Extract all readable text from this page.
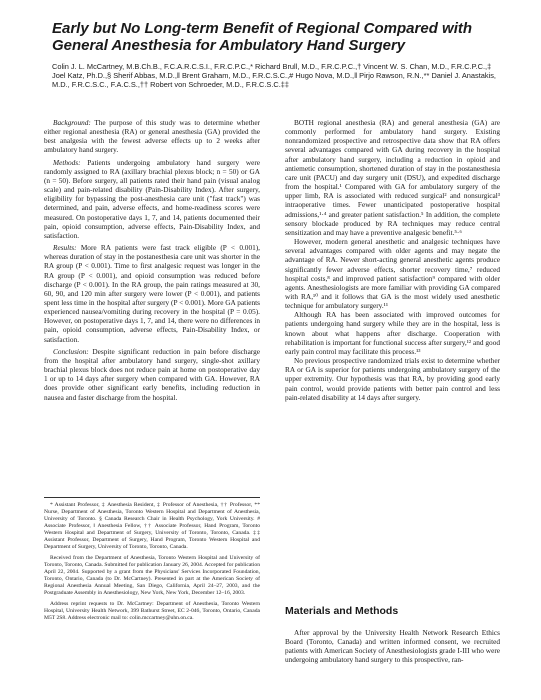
Early but No Long-term Benefit of Regional Compared with General Anesthesia for Ambulatory Hand Surgery

Colin J. L. McCartney, M.B.Ch.B., F.C.A.R.C.S.I., F.R.C.P.C.,* Richard Brull, M.D., F.R.C.P.C.,† Vincent W. S. Chan, M.D., F.R.C.P.C.,‡ Joel Katz, Ph.D.,§ Sherif Abbas, M.D.,‖ Brent Graham, M.D., F.R.C.S.C.,# Hugo Nova, M.D.,‖ Pirjo Rawson, R.N.,** Daniel J. Anastakis, M.D., F.R.C.S.C., F.A.C.S.,†† Robert von Schroeder, M.D., F.R.C.S.C.‡‡

Background: The purpose of this study was to determine whether either regional anesthesia (RA) or general anesthesia (GA) provided the best analgesia with the fewest adverse effects up to 2 weeks after ambulatory hand surgery.

Methods: Patients undergoing ambulatory hand surgery were randomly assigned to RA (axillary brachial plexus block; n = 50) or GA (n = 50). Before surgery, all patients rated their hand pain (visual analog scale) and pain-related disability (Pain-Disability Index). After surgery, eligibility for bypassing the post-anesthesia care unit ("fast track") was determined, and pain, adverse effects, and home-readiness scores were measured. On postoperative days 1, 7, and 14, patients documented their pain, opioid consumption, adverse effects, Pain-Disability Index, and satisfaction.

Results: More RA patients were fast track eligible (P < 0.001), whereas duration of stay in the postanesthesia care unit was shorter in the RA group (P < 0.001). Time to first analgesic request was longer in the RA group (P < 0.001), and opioid consumption was reduced before discharge (P < 0.001). In the RA group, the pain ratings measured at 30, 60, 90, and 120 min after surgery were lower (P < 0.001), and patients spent less time in the hospital after surgery (P < 0.001). More GA patients experienced nausea/vomiting during recovery in the hospital (P = 0.05). However, on postoperative days 1, 7, and 14, there were no differences in pain, opioid consumption, adverse effects, Pain-Disability Index, or satisfaction.

Conclusion: Despite significant reduction in pain before discharge from the hospital after ambulatory hand surgery, single-shot axillary brachial plexus block does not reduce pain at home on postoperative day 1 or up to 14 days after surgery when compared with GA. However, RA does provide other significant early benefits, including reduction in nausea and faster discharge from the hospital.

* Assistant Professor, ‡ Anesthesia Resident, ‡ Professor of Anesthesia, †† Professor, ** Nurse, Department of Anesthesia, Toronto Western Hospital and Department of Anesthesia, University of Toronto. § Canada Research Chair in Health Psychology, York University. # Associate Professor, ‖ Anesthesia Fellow, †† Associate Professor, Hand Program, Toronto Western Hospital and Department of Surgery, University of Toronto, Toronto, Canada. ‡‡ Assistant Professor, Department of Surgery, Hand Program, Toronto Western Hospital and Department of Surgery, University of Toronto, Toronto, Canada.

Received from the Department of Anesthesia, Toronto Western Hospital and University of Toronto, Toronto, Canada. Submitted for publication January 26, 2004. Accepted for publication April 22, 2004. Supported by a grant from the Physicians' Services Incorporated Foundation, Toronto, Ontario, Canada (to Dr. McCartney). Presented in part at the American Society of Regional Anesthesia Annual Meeting, San Diego, California, April 24–27, 2003, and the Postgraduate Assembly in Anesthesiology, New York, New York, December 12–16, 2003.

Address reprint requests to Dr. McCartney: Department of Anesthesia, Toronto Western Hospital, University Health Network, 399 Bathurst Street, EC 2-046, Toronto, Ontario, Canada M5T 2S8. Address electronic mail to: colin.mccartney@uhn.on.ca.

BOTH regional anesthesia (RA) and general anesthesia (GA) are commonly performed for ambulatory hand surgery. Existing nonrandomized prospective and retrospective data show that RA offers several advantages compared with GA during recovery in the hospital after ambulatory hand surgery, including a reduction in opioid and antiemetic consumption, shortened duration of stay in the postanesthesia care unit (PACU) and day surgery unit (DSU), and expedited discharge from the hospital.¹ Compared with GA for ambulatory surgery of the upper limb, RA is associated with reduced surgical² and nonsurgical³ intraoperative times. Fewer unanticipated postoperative hospital admissions,¹·⁴ and greater patient satisfaction.⁵ In addition, the complete sensory blockade produced by RA techniques may reduce central sensitization and may have a preventive analgesic benefit.⁵·⁶

However, modern general anesthetic and analgesic techniques have several advantages compared with older agents and may negate the advantage of RA. Newer short-acting general anesthetic agents produce significantly fewer adverse effects, shorter recovery time,⁷ reduced hospital costs,⁸ and improved patient satisfaction⁹ compared with older agents. Anesthesiologists are more familiar with providing GA compared with RA,¹⁰ and it follows that GA is the most widely used anesthetic technique for ambulatory surgery.¹¹

Although RA has been associated with improved outcomes for patients undergoing hand surgery while they are in the hospital, less is known about what happens after discharge. Cooperation with rehabilitation is important for functional success after surgery,¹² and good early pain control may facilitate this process.¹³

No previous prospective randomized trials exist to determine whether RA or GA is superior for patients undergoing ambulatory surgery of the upper extremity. Our hypothesis was that RA, by providing good early pain control, would provide patients with better pain control and less pain-related disability at 14 days after surgery.

Materials and Methods

After approval by the University Health Network Research Ethics Board (Toronto, Canada) and written informed consent, we recruited patients with American Society of Anesthesiologists grade I-III who were undergoing ambulatory hand surgery to this prospective, ran-
